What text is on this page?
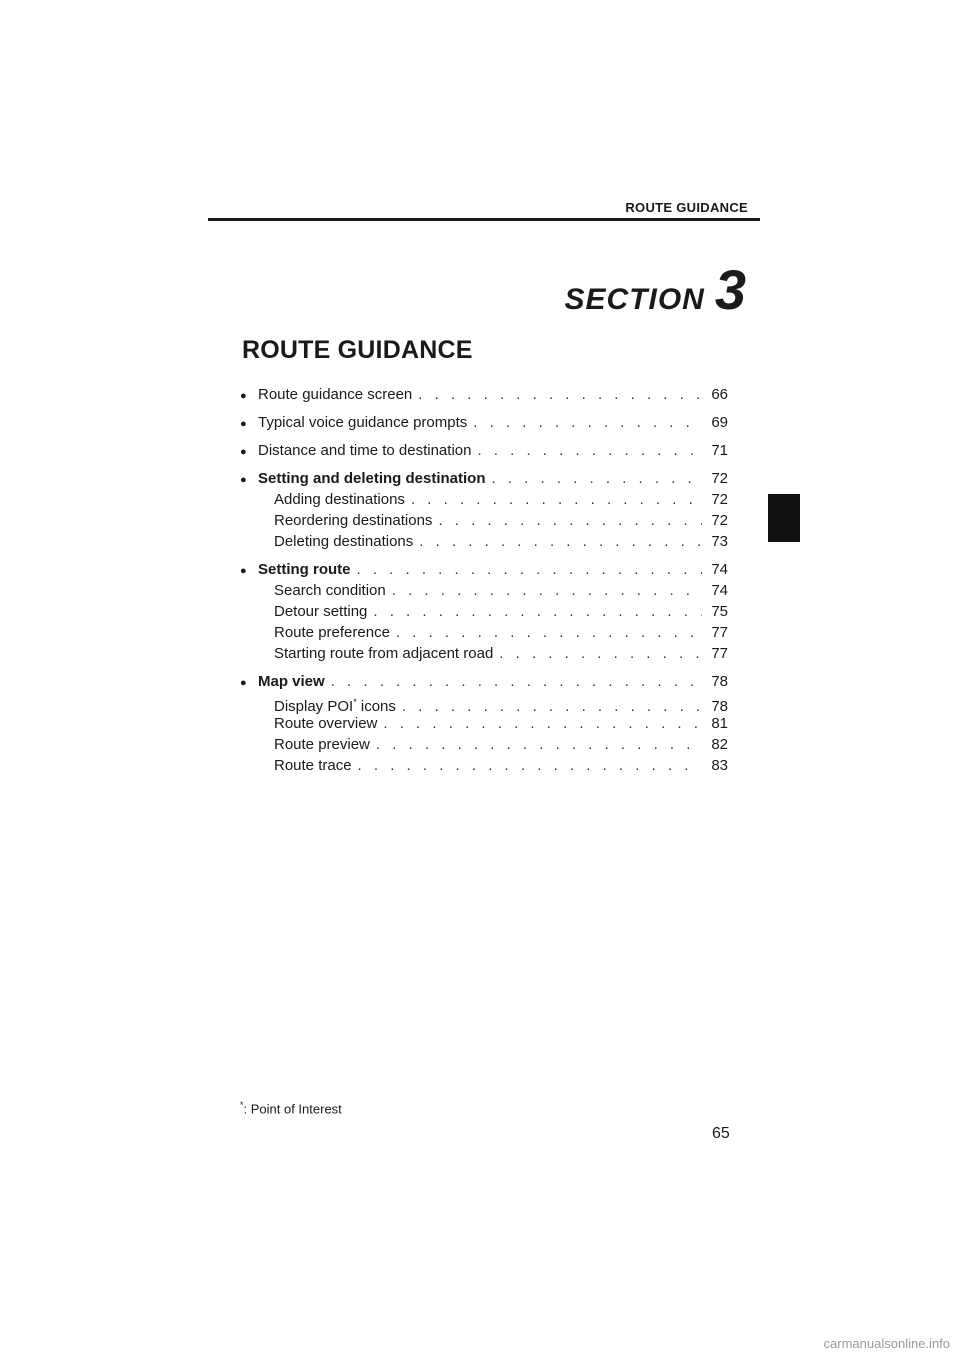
ROUTE GUIDANCE
SECTION 3
ROUTE GUIDANCE
● Route guidance screen . . .	66
● Typical voice guidance prompts . . .	69
● Distance and time to destination . . .	71
● Setting and deleting destination . . .	72
Adding destinations . . .	72
Reordering destinations . . .	72
Deleting destinations . . .	73
● Setting route . . .	74
Search condition . . .	74
Detour setting . . .	75
Route preference . . .	77
Starting route from adjacent road . . .	77
● Map view . . .	78
Display POI* icons . . .	78
Route overview . . .	81
Route preview . . .	82
Route trace . . .	83
*: Point of Interest
65
carmanualsonline.info
